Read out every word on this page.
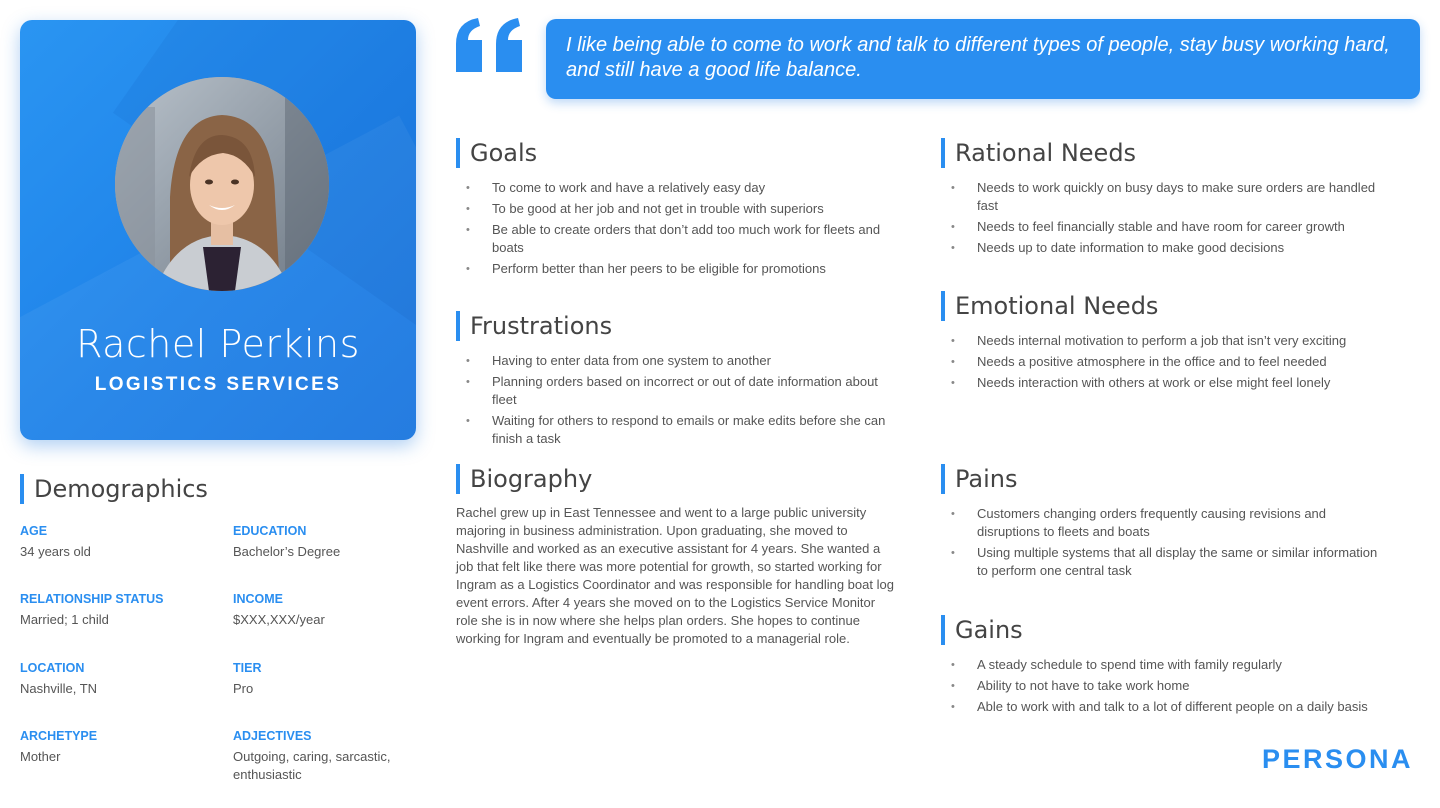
Rachel Perkins
LOGISTICS SERVICES
I like being able to come to work and talk to different types of people, stay busy working hard, and still have a good life balance.
Goals
• To come to work and have a relatively easy day
• To be good at her job and not get in trouble with superiors
• Be able to create orders that don’t add too much work for fleets and boats
• Perform better than her peers to be eligible for promotions
Frustrations
• Having to enter data from one system to another
• Planning orders based on incorrect or out of date information about fleet
• Waiting for others to respond to emails or make edits before she can finish a task
Biography

Rachel grew up in East Tennessee and went to a large public university majoring in business administration. Upon graduating, she moved to Nashville and worked as an executive assistant for 4 years. She wanted a job that felt like there was more potential for growth, so started working for Ingram as a Logistics Coordinator and was responsible for handling boat log event errors. After 4 years she moved on to the Logistics Service Monitor role she is in now where she helps plan orders. She hopes to continue working for Ingram and eventually be promoted to a managerial role.

Rational Needs
• Needs to work quickly on busy days to make sure orders are handled fast
• Needs to feel financially stable and have room for career growth
• Needs up to date information to make good decisions
Emotional Needs
• Needs internal motivation to perform a job that isn’t very exciting
• Needs a positive atmosphere in the office and to feel needed
• Needs interaction with others at work or else might feel lonely
Pains
• Customers changing orders frequently causing revisions and disruptions to fleets and boats
• Using multiple systems that all display the same or similar information to perform one central task
Gains
• A steady schedule to spend time with family regularly
• Ability to not have to take work home
• Able to work with and talk to a lot of different people on a daily basis
Demographics
AGE
34 years old
EDUCATION
Bachelor’s Degree
RELATIONSHIP STATUS
Married; 1 child
INCOME
$XXX,XXX/year
LOCATION
Nashville, TN
TIER
Pro
ARCHETYPE
Mother
ADJECTIVES
Outgoing, caring, sarcastic, enthusiastic
PERSONA
